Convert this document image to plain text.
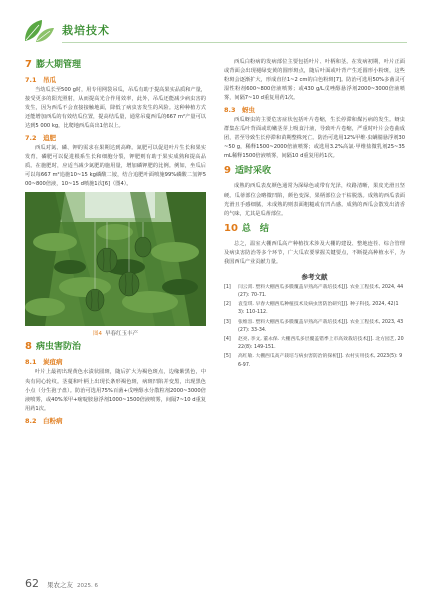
栽培技术
7 膨大期管理
7.1　吊瓜

当幼瓜长至500 g时，用专用网袋吊瓜，吊瓜有助于提高果实品质和产量，接受更多的阳光照射，从而提高光合作用效率，此外，吊瓜还能减少病虫害的发生，因为西瓜不会直接接触地面，降低了病虫害发生的风险。这种种植方式还能增加西瓜的有效结瓜位置，提高结瓜量，通常吊蔓西瓜的667 m²产量可以达到5 000 kg，比爬地西瓜高出1倍以上。

7.2　追肥

西瓜对氮、磷、钾的需求在果期达到高峰。氮肥可以促进叶片生长和果实发育，磷肥可以促进根系生长和细胞分裂，钾肥则有助于果实成熟和提高品质。在施肥时，应适当减少氮肥的施用量，增加磷钾肥的比例。例如，坐瓜后可以每667 m²追施10~15 kg磷酸二铵，结合追肥叶面喷施99%磷酸二氢钾500~800倍液，10~15 d喷施1次[6]（图4）。

图4 早春红玉丰产
8 病虫害防治
8.1　炭疽病

叶片上最初出现黄色水渍状圆斑，随后扩大为褐色斑点，边缘紫黑色，中央有同心轮纹。茎蔓和叶柄上出现长条形褐色斑，病斑凹陷并变黑，出现黑色小点（分生孢子盘）。防治可选用75%百菌+戊唑醇水分散粒剂2000~3000倍液喷雾，或40%苯甲+嘧啶胺悬浮剂1000~1500倍液喷雾，间隔7~10 d重复用药1次。

8.2　白粉病

西瓜白粉病的发病部位主要包括叶片、叶柄和茎。在发病初期，叶片正面或背面会出现褪绿变黄的圆形斑点，随后叶面或叶背产生近圆形小粉斑，这些粉斑会逐渐扩大，形成直径1~2 cm的白色粉斑[7]。防治可选用50%多菌灵可湿性粉剂600~800倍液喷雾；或430 g/L戊唑醇悬浮剂2000~3000倍液喷雾，间隔7~10 d重复用药1次。

8.3　蚜虫

西瓜蚜虫的主要危害症状包括叶片卷缩，生长停滞和煤污病的发生。蚜虫群集在瓜叶背面或幼嫩茎芽上吸食汁液，导致叶片卷缩，严重时叶片会卷曲成团，甚至导致生长停滞和苗期整株死亡。防治可选用12%甲维·虫螨腈悬浮剂30~50 g，稀释1500~2000倍液喷雾；或选用3.2%高氯·甲维盐微乳剂25~35 mL稀释1500倍液喷雾，间隔10 d重复用药1次。

9 适时采收

成熟的西瓜表皮颜色通常为深绿色或带有光泽，纹路清晰，果皮光滑且坚硬。瓜蒂部位会略微凹陷，颜色变深，果柄部位会干枯脱落。成熟的西瓜表面光滑且手感细腻，未成熟的则表面粗糙或有凹凸感。成熟的西瓜会散发出清香的气味，尤其是瓜蒂部位。

10 总　结

总之，温室大棚西瓜高产种植技术涉及大棚的建设、整地连茬、综合管理及病虫害防治等多个环节，广大瓜农要掌握关键要点，不断提高种植水平，为我国西瓜产业贡献力量。

参考文献
[1]	闫云霄. 塑料大棚西瓜多膜覆盖早熟高产栽培技术[J]. 农业工程技术, 2024, 44(27): 70-71.
[2]	袁莹琪. 早春大棚西瓜种植技术及病虫害防治研究[J]. 种子科技, 2024, 42(13): 110-112.
[3]	张维容. 塑料大棚西瓜多膜覆盖早熟高产栽培技术[J]. 农业工程技术, 2023, 43(27): 33-34.
[4]	赵亮, 李文, 董永保. 大棚西瓜多层覆盖错季上市高效栽培技术[J]. 北方园艺, 2022(8): 149-151.
[5]	高红敏. 大棚西瓜高产栽培与病虫害防治的探析[J]. 农村实用技术, 2023(5): 96-97.
62 果农之友 2025. 6
